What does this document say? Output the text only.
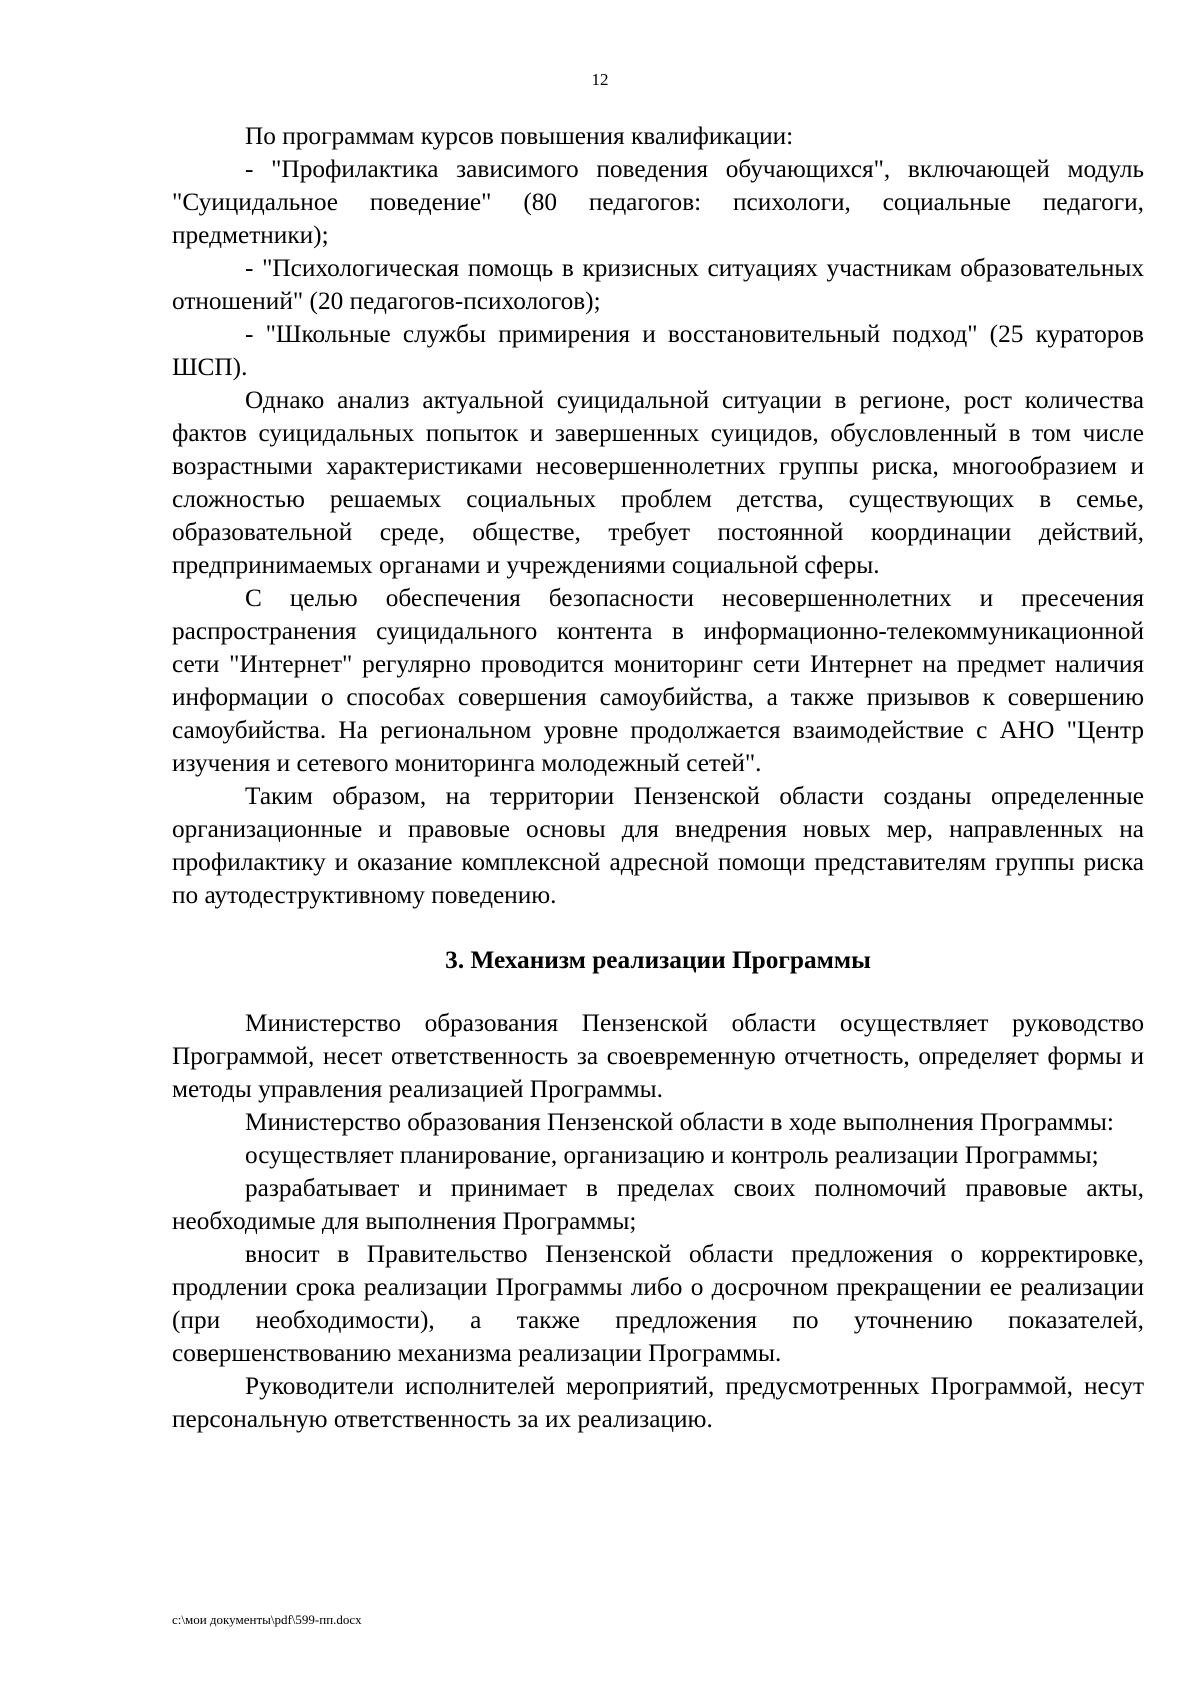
12

По программам курсов повышения квалификации:

- "Профилактика зависимого поведения обучающихся", включающей модуль "Суицидальное поведение" (80 педагогов: психологи, социальные педагоги, предметники);

- "Психологическая помощь в кризисных ситуациях участникам образовательных отношений" (20 педагогов-психологов);

- "Школьные службы примирения и восстановительный подход" (25 кураторов ШСП).

Однако анализ актуальной суицидальной ситуации в регионе, рост количества фактов суицидальных попыток и завершенных суицидов, обусловленный в том числе возрастными характеристиками несовершеннолетних группы риска, многообразием и сложностью решаемых социальных проблем детства, существующих в семье, образовательной среде, обществе, требует постоянной координации действий, предпринимаемых органами и учреждениями социальной сферы.

С целью обеспечения безопасности несовершеннолетних и пресечения распространения суицидального контента в информационно-телекоммуникационной сети "Интернет" регулярно проводится мониторинг сети Интернет на предмет наличия информации о способах совершения самоубийства, а также призывов к совершению самоубийства. На региональном уровне продолжается взаимодействие с АНО "Центр изучения и сетевого мониторинга молодежный сетей".

Таким образом, на территории Пензенской области созданы определенные организационные и правовые основы для внедрения новых мер, направленных на профилактику и оказание комплексной адресной помощи представителям группы риска по аутодеструктивному поведению.

3. Механизм реализации Программы

Министерство образования Пензенской области осуществляет руководство Программой, несет ответственность за своевременную отчетность, определяет формы и методы управления реализацией Программы.

Министерство образования Пензенской области в ходе выполнения Программы:

осуществляет планирование, организацию и контроль реализации Программы;

разрабатывает и принимает в пределах своих полномочий правовые акты, необходимые для выполнения Программы;

вносит в Правительство Пензенской области предложения о корректировке, продлении срока реализации Программы либо о досрочном прекращении ее реализации (при необходимости), а также предложения по уточнению показателей, совершенствованию механизма реализации Программы.

Руководители исполнителей мероприятий, предусмотренных Программой, несут персональную ответственность за их реализацию.

c:\мои документы\pdf\599-пп.docx
